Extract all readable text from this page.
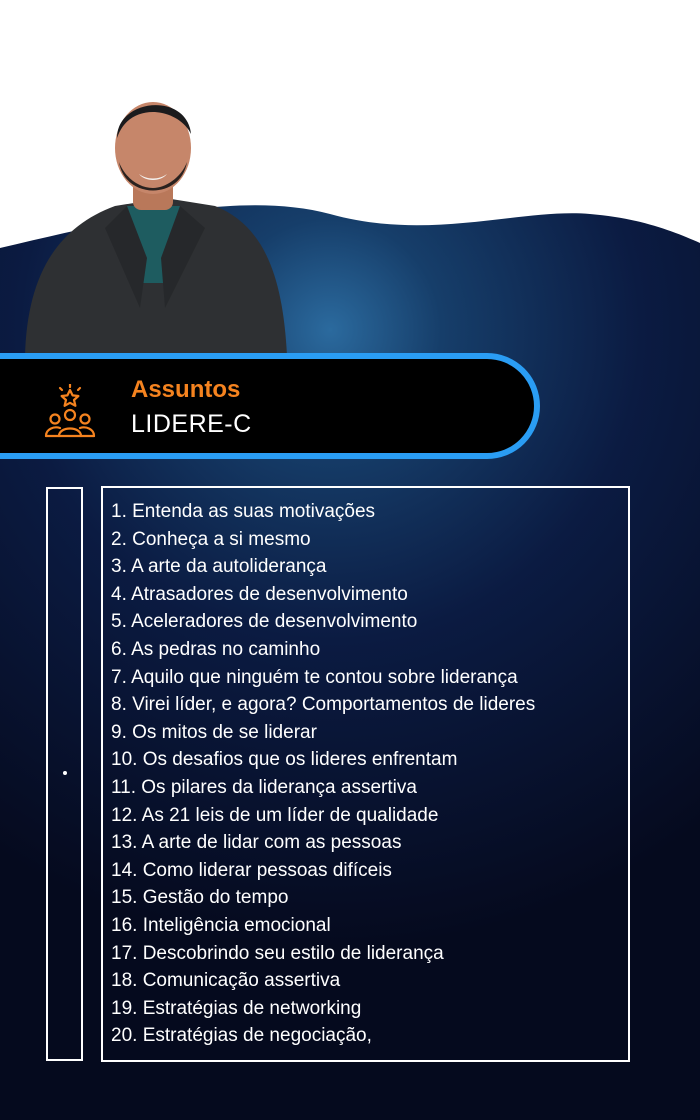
Assuntos
LIDERE-C
1. Entenda as suas motivações
2. Conheça a si mesmo
3. A arte da autoliderança
4. Atrasadores de desenvolvimento
5. Aceleradores de desenvolvimento
6. As pedras no caminho
7. Aquilo que ninguém te contou sobre liderança
8. Virei líder, e agora? Comportamentos de lideres
9. Os mitos de se liderar
10. Os desafios que os lideres enfrentam
11. Os pilares da liderança assertiva
12. As 21 leis de um líder de qualidade
13. A arte de lidar com as pessoas
14. Como liderar pessoas difíceis
15. Gestão do tempo
16. Inteligência emocional
17. Descobrindo seu estilo de liderança
18. Comunicação assertiva
19. Estratégias de networking
20. Estratégias de negociação,
